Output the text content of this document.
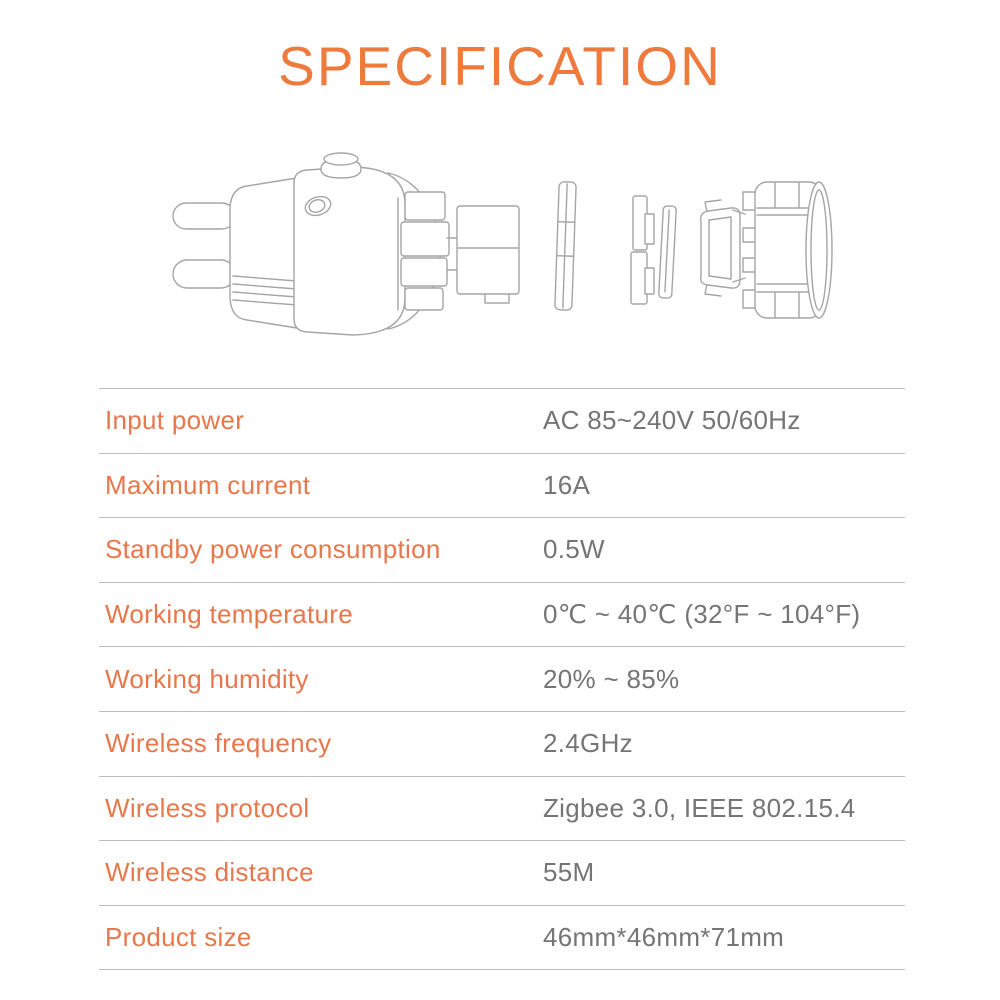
SPECIFICATION
Input power	AC 85~240V 50/60Hz
Maximum current	16A
Standby power consumption	0.5W
Working temperature	0℃ ~ 40℃ (32°F ~ 104°F)
Working humidity	20% ~ 85%
Wireless frequency	2.4GHz
Wireless protocol	Zigbee 3.0, IEEE 802.15.4
Wireless distance	55M
Product size	46mm*46mm*71mm
